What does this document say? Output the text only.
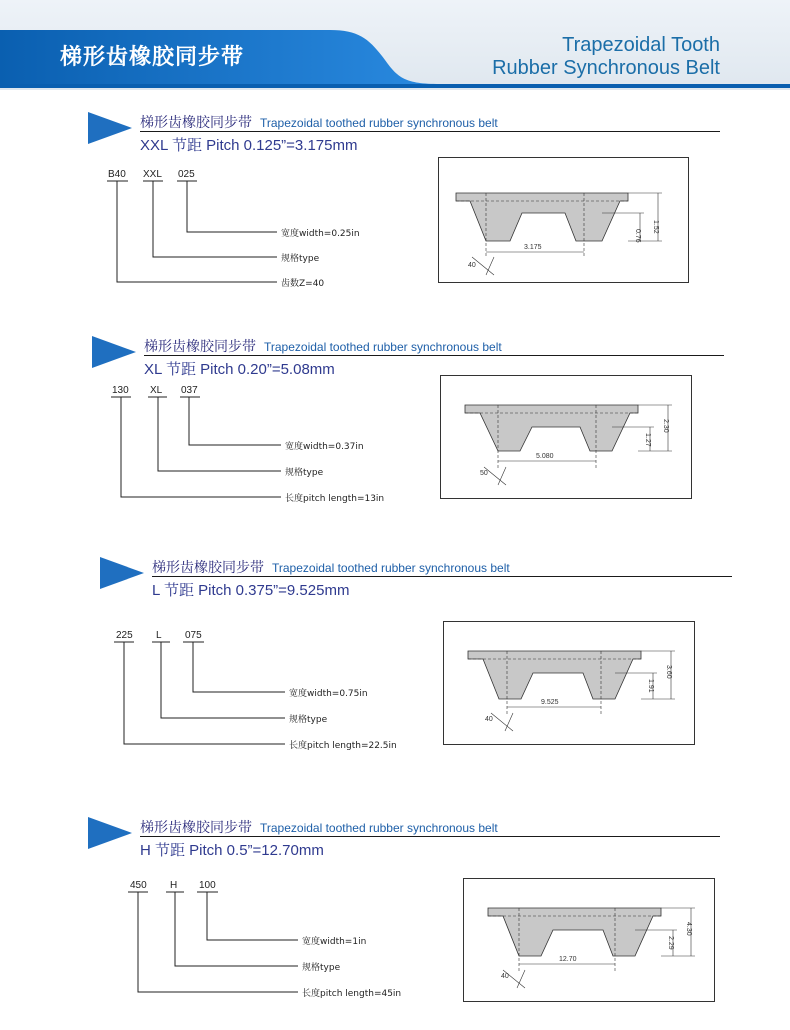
梯形齿橡胶同步带	Trapezoidal Tooth
Rubber Synchronous Belt
梯形齿橡胶同步带 Trapezoidal toothed rubber synchronous belt
XXL 节距 Pitch 0.125”=3.175mm
B40 XXL 025
宽度width=0.25in
规格type
齿数Z=40
1.52
0.76
3.175
40
梯形齿橡胶同步带 Trapezoidal toothed rubber synchronous belt
XL 节距 Pitch 0.20”=5.08mm
130 XL 037
宽度width=0.37in
规格type
长度pitch length=13in
2.30
1.27
5.080
50
梯形齿橡胶同步带 Trapezoidal toothed rubber synchronous belt
L 节距 Pitch 0.375”=9.525mm
225 L 075
宽度width=0.75in
规格type
长度pitch length=22.5in
3.60
1.91
9.525
40
梯形齿橡胶同步带 Trapezoidal toothed rubber synchronous belt
H 节距 Pitch 0.5”=12.70mm
450 H 100
宽度width=1in
规格type
长度pitch length=45in
4.30
2.29
12.70
40
